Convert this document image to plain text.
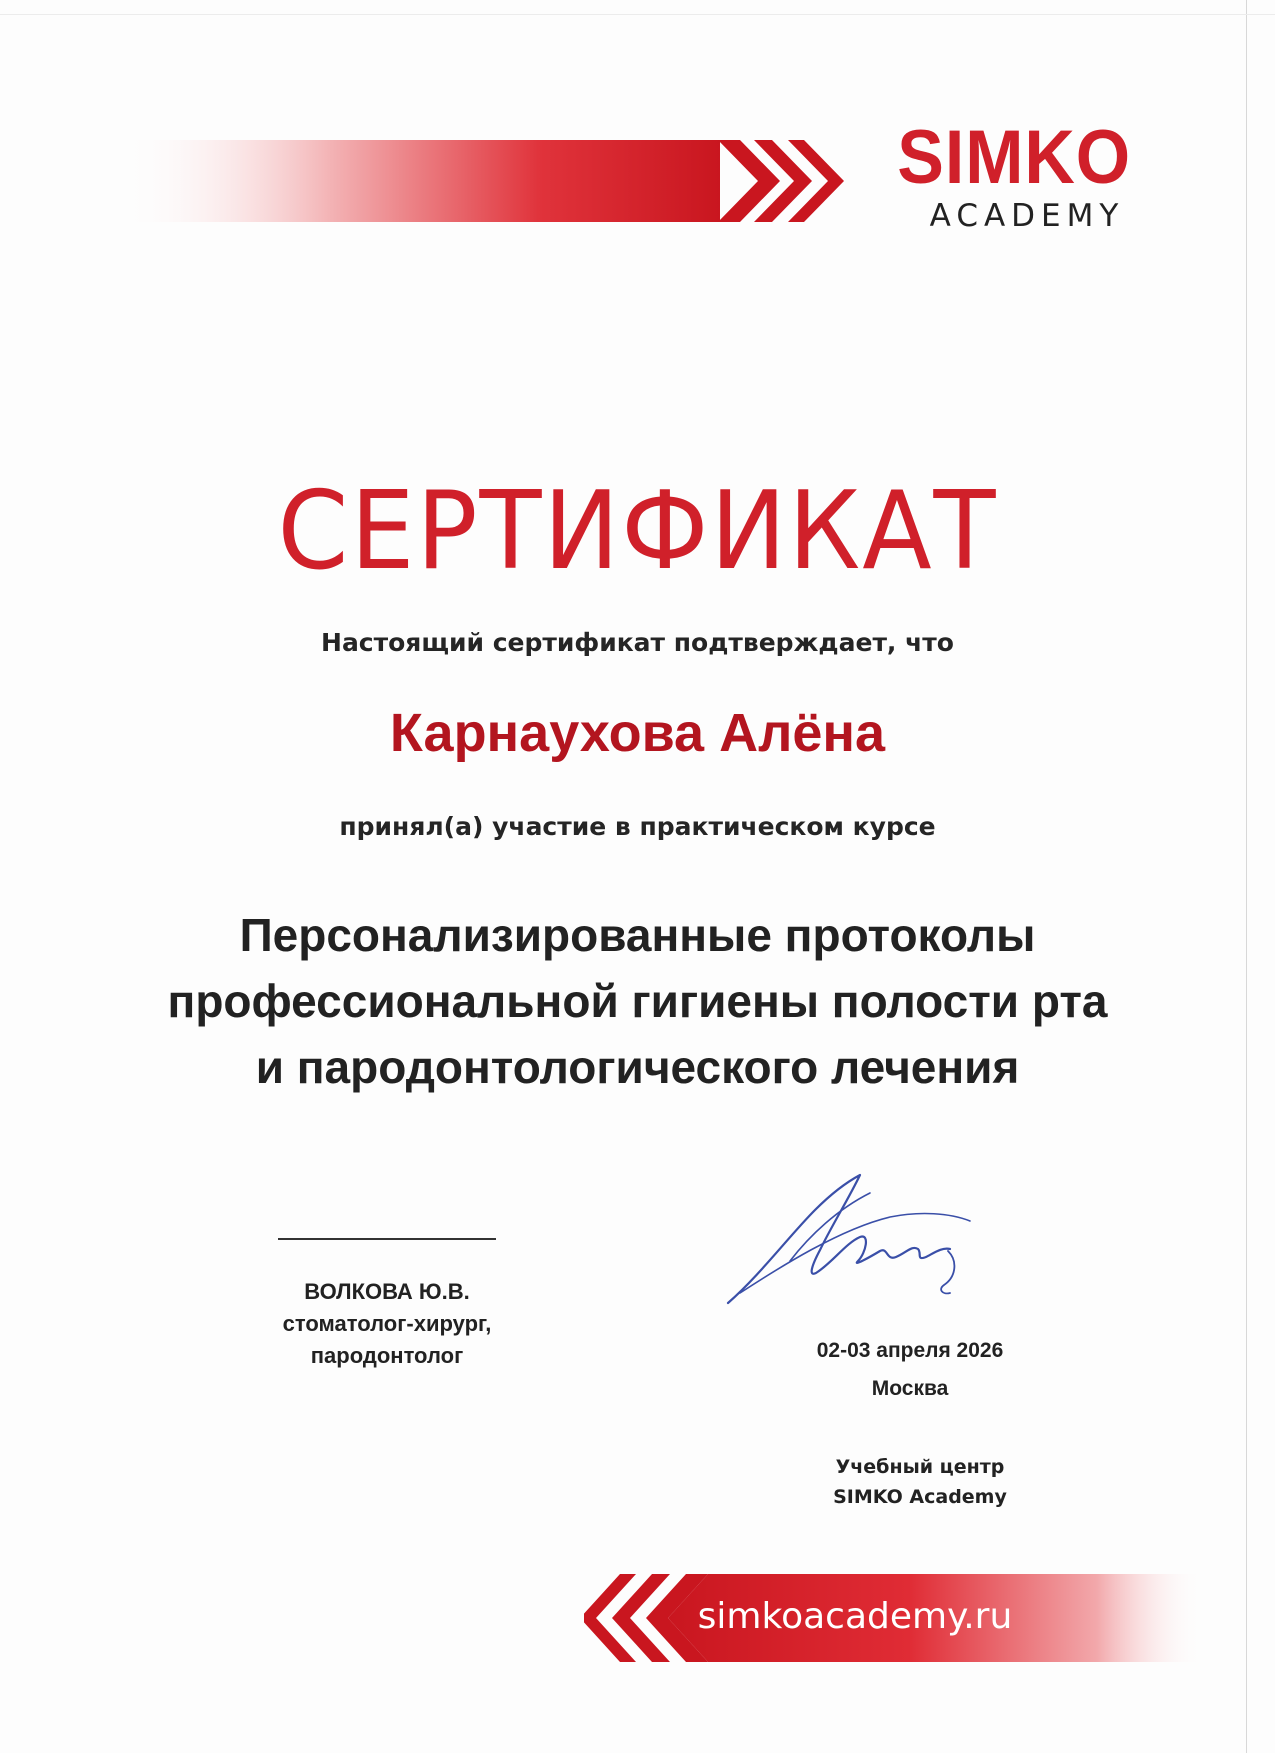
SIMKO
ACADEMY
СЕРТИФИКАТ
Настоящий сертификат подтверждает, что
Карнаухова Алёна
принял(а) участие в практическом курсе
Персонализированные протоколы
профессиональной гигиены полости рта
и пародонтологического лечения
ВОЛКОВА Ю.В.
стоматолог-хирург,
пародонтолог	02-03 апреля 2026
Москва
Учебный центр
SIMKO Academy
simkoacademy.ru
